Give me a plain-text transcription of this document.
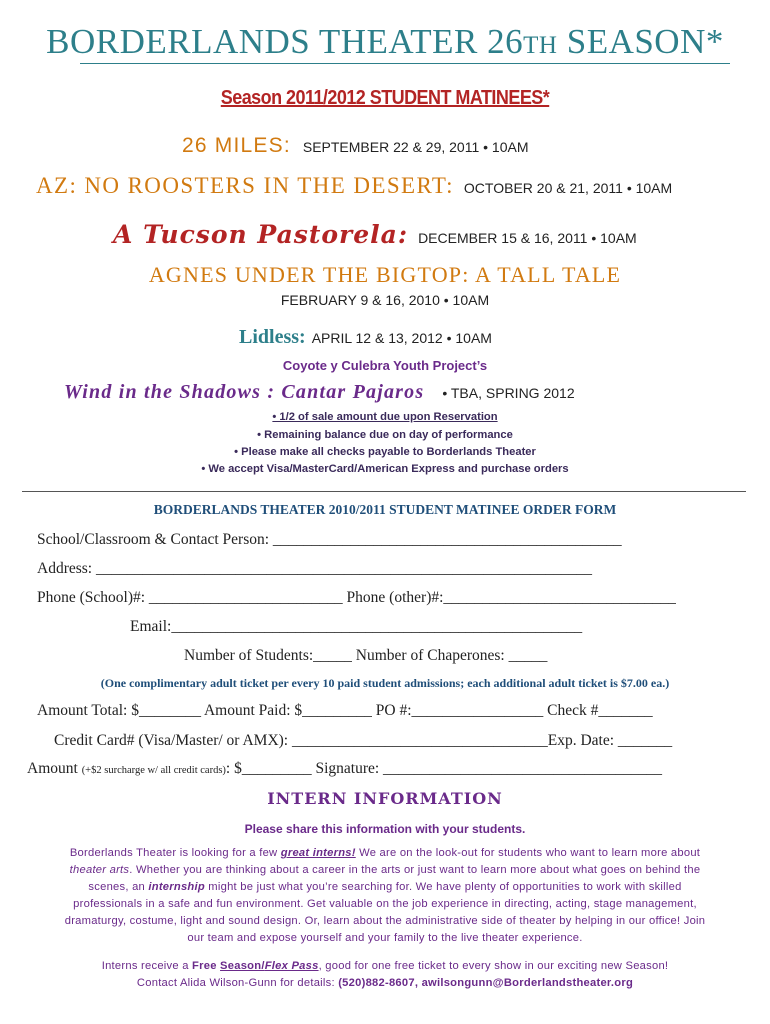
BORDERLANDS THEATER 26th SEASON*
Season 2011/2012 STUDENT MATINEES*
26 MILES: SEPTEMBER 22 & 29, 2011 • 10AM
AZ: NO ROOSTERS IN THE DESERT: OCTOBER 20 & 21, 2011 • 10AM
A Tucson Pastorela: DECEMBER 15 & 16, 2011 • 10AM
AGNES UNDER THE BIGTOP: A TALL TALE
FEBRUARY 9 & 16, 2010 • 10AM
Lidless: APRIL 12 & 13, 2012 • 10AM
Coyote y Culebra Youth Project’s
Wind in the Shadows : Cantar Pajaros • TBA, SPRING 2012
• 1/2 of sale amount due upon Reservation
• Remaining balance due on day of performance
• Please make all checks payable to Borderlands Theater
• We accept Visa/MasterCard/American Express and purchase orders
BORDERLANDS THEATER 2010/2011 STUDENT MATINEE ORDER FORM
School/Classroom & Contact Person: _____________________________________________
Address: ________________________________________________________________
Phone (School)#: _________________________ Phone (other)#:______________________________
Email:_____________________________________________________
Number of Students:_____ Number of Chaperones: _____
(One complimentary adult ticket per every 10 paid student admissions; each additional adult ticket is $7.00 ea.)
Amount Total: $________ Amount Paid: $_________ PO #:_________________ Check #_______
Credit Card# (Visa/Master/ or AMX): _________________________________Exp. Date: _______
Amount (+$2 surcharge w/ all credit cards): $_________ Signature: ____________________________________
INTERN INFORMATION
Please share this information with your students.
Borderlands Theater is looking for a few great interns! We are on the look-out for students who want to learn more about
theater arts. Whether you are thinking about a career in the arts or just want to learn more about what goes on behind the
scenes, an internship might be just what you’re searching for. We have plenty of opportunities to work with skilled
professionals in a safe and fun environment. Get valuable on the job experience in directing, acting, stage management,
dramaturgy, costume, light and sound design. Or, learn about the administrative side of theater by helping in our office! Join
our team and expose yourself and your family to the live theater experience.
Interns receive a Free Season/Flex Pass, good for one free ticket to every show in our exciting new Season!
Contact Alida Wilson-Gunn for details: (520)882-8607, awilsongunn@Borderlandstheater.org
